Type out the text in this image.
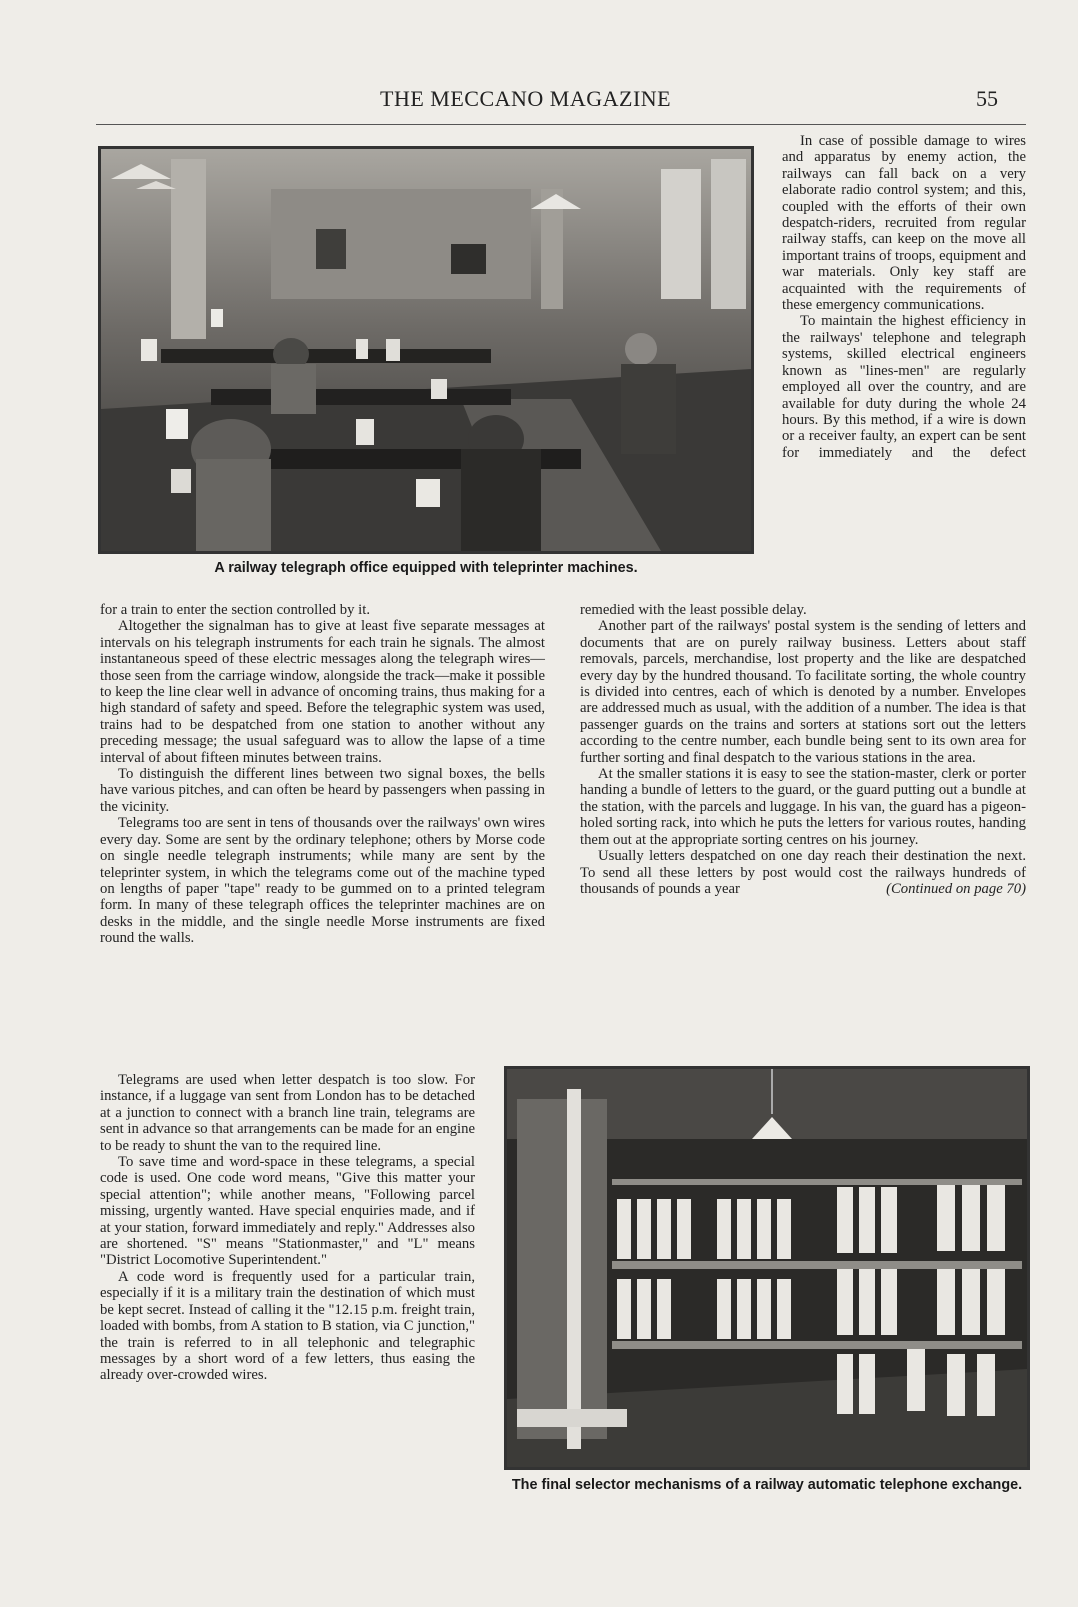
THE MECCANO MAGAZINE	55
A railway telegraph office equipped with teleprinter machines.

In case of possible damage to wires and apparatus by enemy action, the railways can fall back on a very elaborate radio control system; and this, coupled with the efforts of their own despatch-riders, recruited from regular railway staffs, can keep on the move all important trains of troops, equipment and war materials. Only key staff are acquainted with the requirements of these emergency communications.

To maintain the highest efficiency in the railways' telephone and telegraph systems, skilled electrical engineers known as "lines-men" are regularly employed all over the country, and are available for duty during the whole 24 hours. By this method, if a wire is down or a receiver faulty, an expert can be sent for immediately and the defect

for a train to enter the section controlled by it.

Altogether the signalman has to give at least five separate messages at intervals on his telegraph instruments for each train he signals. The almost instantaneous speed of these electric messages along the telegraph wires—those seen from the carriage window, alongside the track—make it possible to keep the line clear well in advance of oncoming trains, thus making for a high standard of safety and speed. Before the telegraphic system was used, trains had to be despatched from one station to another without any preceding message; the usual safeguard was to allow the lapse of a time interval of about fifteen minutes between trains.

To distinguish the different lines between two signal boxes, the bells have various pitches, and can often be heard by passengers when passing in the vicinity.

Telegrams too are sent in tens of thousands over the railways' own wires every day. Some are sent by the ordinary telephone; others by Morse code on single needle telegraph instruments; while many are sent by the teleprinter system, in which the telegrams come out of the machine typed on lengths of paper "tape" ready to be gummed on to a printed telegram form. In many of these telegraph offices the teleprinter machines are on desks in the middle, and the single needle Morse instruments are fixed round the walls.

Telegrams are used when letter despatch is too slow. For instance, if a luggage van sent from London has to be detached at a junction to connect with a branch line train, telegrams are sent in advance so that arrangements can be made for an engine to be ready to shunt the van to the required line.

To save time and word-space in these telegrams, a special code is used. One code word means, "Give this matter your special attention"; while another means, "Following parcel missing, urgently wanted. Have special enquiries made, and if at your station, forward immediately and reply." Addresses also are shortened. "S" means "Stationmaster," and "L" means "District Locomotive Superintendent."

A code word is frequently used for a particular train, especially if it is a military train the destination of which must be kept secret. Instead of calling it the "12.15 p.m. freight train, loaded with bombs, from A station to B station, via C junction," the train is referred to in all telephonic and telegraphic messages by a short word of a few letters, thus easing the already over-crowded wires.

remedied with the least possible delay.

Another part of the railways' postal system is the sending of letters and documents that are on purely railway business. Letters about staff removals, parcels, merchandise, lost property and the like are despatched every day by the hundred thousand. To facilitate sorting, the whole country is divided into centres, each of which is denoted by a number. Envelopes are addressed much as usual, with the addition of a number. The idea is that passenger guards on the trains and sorters at stations sort out the letters according to the centre number, each bundle being sent to its own area for further sorting and final despatch to the various stations in the area.

At the smaller stations it is easy to see the station-master, clerk or porter handing a bundle of letters to the guard, or the guard putting out a bundle at the station, with the parcels and luggage. In his van, the guard has a pigeon-holed sorting rack, into which he puts the letters for various routes, handing them out at the appropriate sorting centres on his journey.

Usually letters despatched on one day reach their destination the next. To send all these letters by post would cost the railways hundreds of thousands of pounds a year	(Continued on page 70)

The final selector mechanisms of a railway automatic telephone exchange.
